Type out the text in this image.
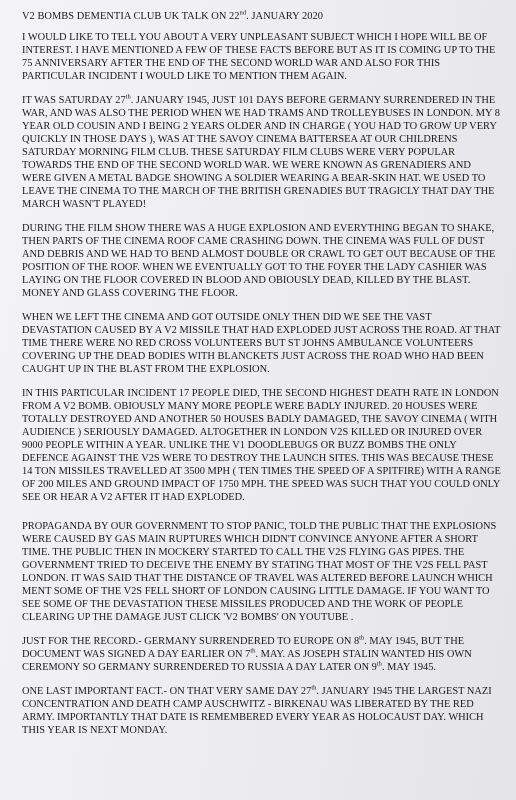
V2 BOMBS DEMENTIA CLUB UK TALK ON 22nd. JANUARY 2020

I WOULD LIKE TO TELL YOU ABOUT A VERY UNPLEASANT SUBJECT WHICH I HOPE WILL BE OF INTEREST. I HAVE MENTIONED A FEW OF THESE FACTS BEFORE BUT AS IT IS COMING UP TO THE 75 ANNIVERSARY AFTER THE END OF THE SECOND WORLD WAR AND ALSO FOR THIS PARTICULAR INCIDENT I WOULD LIKE TO MENTION THEM AGAIN.

IT WAS SATURDAY 27th. JANUARY 1945, JUST 101 DAYS BEFORE GERMANY SURRENDERED IN THE WAR, AND WAS ALSO THE PERIOD WHEN WE HAD TRAMS AND TROLLEYBUSES IN LONDON. MY 8 YEAR OLD COUSIN AND I BEING 2 YEARS OLDER AND IN CHARGE ( YOU HAD TO GROW UP VERY QUICKLY IN THOSE DAYS ), WAS AT THE SAVOY CINEMA BATTERSEA AT OUR CHILDRENS SATURDAY MORNING FILM CLUB. THESE SATURDAY FILM CLUBS WERE VERY POPULAR TOWARDS THE END OF THE SECOND WORLD WAR. WE WERE KNOWN AS GRENADIERS AND WERE GIVEN A METAL BADGE SHOWING A SOLDIER WEARING A BEAR-SKIN HAT. WE USED TO LEAVE THE CINEMA TO THE MARCH OF THE BRITISH GRENADIES BUT TRAGICLY THAT DAY THE MARCH WASN'T PLAYED!

DURING THE FILM SHOW THERE WAS A HUGE EXPLOSION AND EVERYTHING BEGAN TO SHAKE, THEN PARTS OF THE CINEMA ROOF CAME CRASHING DOWN. THE CINEMA WAS FULL OF DUST AND DEBRIS AND WE HAD TO BEND ALMOST DOUBLE OR CRAWL TO GET OUT BECAUSE OF THE POSITION OF THE ROOF. WHEN WE EVENTUALLY GOT TO THE FOYER THE LADY CASHIER WAS LAYING ON THE FLOOR COVERED IN BLOOD AND OBIOUSLY DEAD, KILLED BY THE BLAST. MONEY AND GLASS COVERING THE FLOOR.

WHEN WE LEFT THE CINEMA AND GOT OUTSIDE ONLY THEN DID WE SEE THE VAST DEVASTATION CAUSED BY A V2 MISSILE THAT HAD EXPLODED JUST ACROSS THE ROAD. AT THAT TIME THERE WERE NO RED CROSS VOLUNTEERS BUT ST JOHNS AMBULANCE VOLUNTEERS COVERING UP THE DEAD BODIES WITH BLANCKETS JUST ACROSS THE ROAD WHO HAD BEEN CAUGHT UP IN THE BLAST FROM THE EXPLOSION.

IN THIS PARTICULAR INCIDENT 17 PEOPLE DIED, THE SECOND HIGHEST DEATH RATE IN LONDON FROM A V2 BOMB. OBIOUSLY MANY MORE PEOPLE WERE BADLY INJURED. 20 HOUSES WERE TOTALLY DESTROYED AND ANOTHER 50 HOUSES BADLY DAMAGED, THE SAVOY CINEMA ( WITH AUDIENCE ) SERIOUSLY DAMAGED. ALTOGETHER IN LONDON V2S KILLED OR INJURED OVER 9000 PEOPLE WITHIN A YEAR. UNLIKE THE V1 DOODLEBUGS OR BUZZ BOMBS THE ONLY DEFENCE AGAINST THE V2S WERE TO DESTROY THE LAUNCH SITES. THIS WAS BECAUSE THESE 14 TON MISSILES TRAVELLED AT 3500 MPH ( TEN TIMES THE SPEED OF A SPITFIRE) WITH A RANGE OF 200 MILES AND GROUND IMPACT OF 1750 MPH. THE SPEED WAS SUCH THAT YOU COULD ONLY SEE OR HEAR A V2 AFTER IT HAD EXPLODED.

PROPAGANDA BY OUR GOVERNMENT TO STOP PANIC, TOLD THE PUBLIC THAT THE EXPLOSIONS WERE CAUSED BY GAS MAIN RUPTURES WHICH DIDN'T CONVINCE ANYONE AFTER A SHORT TIME. THE PUBLIC THEN IN MOCKERY STARTED TO CALL THE V2S FLYING GAS PIPES. THE GOVERNMENT TRIED TO DECEIVE THE ENEMY BY STATING THAT MOST OF THE V2S FELL PAST LONDON. IT WAS SAID THAT THE DISTANCE OF TRAVEL WAS ALTERED BEFORE LAUNCH WHICH MENT SOME OF THE V2S FELL SHORT OF LONDON CAUSING LITTLE DAMAGE. IF YOU WANT TO SEE SOME OF THE DEVASTATION THESE MISSILES PRODUCED AND THE WORK OF PEOPLE CLEARING UP THE DAMAGE JUST CLICK 'V2 BOMBS' ON YOUTUBE .

JUST FOR THE RECORD.- GERMANY SURRENDERED TO EUROPE ON 8th. MAY 1945, BUT THE DOCUMENT WAS SIGNED A DAY EARLIER ON 7th. MAY. AS JOSEPH STALIN WANTED HIS OWN CEREMONY SO GERMANY SURRENDERED TO RUSSIA A DAY LATER ON 9th. MAY 1945.

ONE LAST IMPORTANT FACT.- ON THAT VERY SAME DAY 27th. JANUARY 1945 THE LARGEST NAZI CONCENTRATION AND DEATH CAMP AUSCHWITZ - BIRKENAU WAS LIBERATED BY THE RED ARMY. IMPORTANTLY THAT DATE IS REMEMBERED EVERY YEAR AS HOLOCAUST DAY. WHICH THIS YEAR IS NEXT MONDAY.
